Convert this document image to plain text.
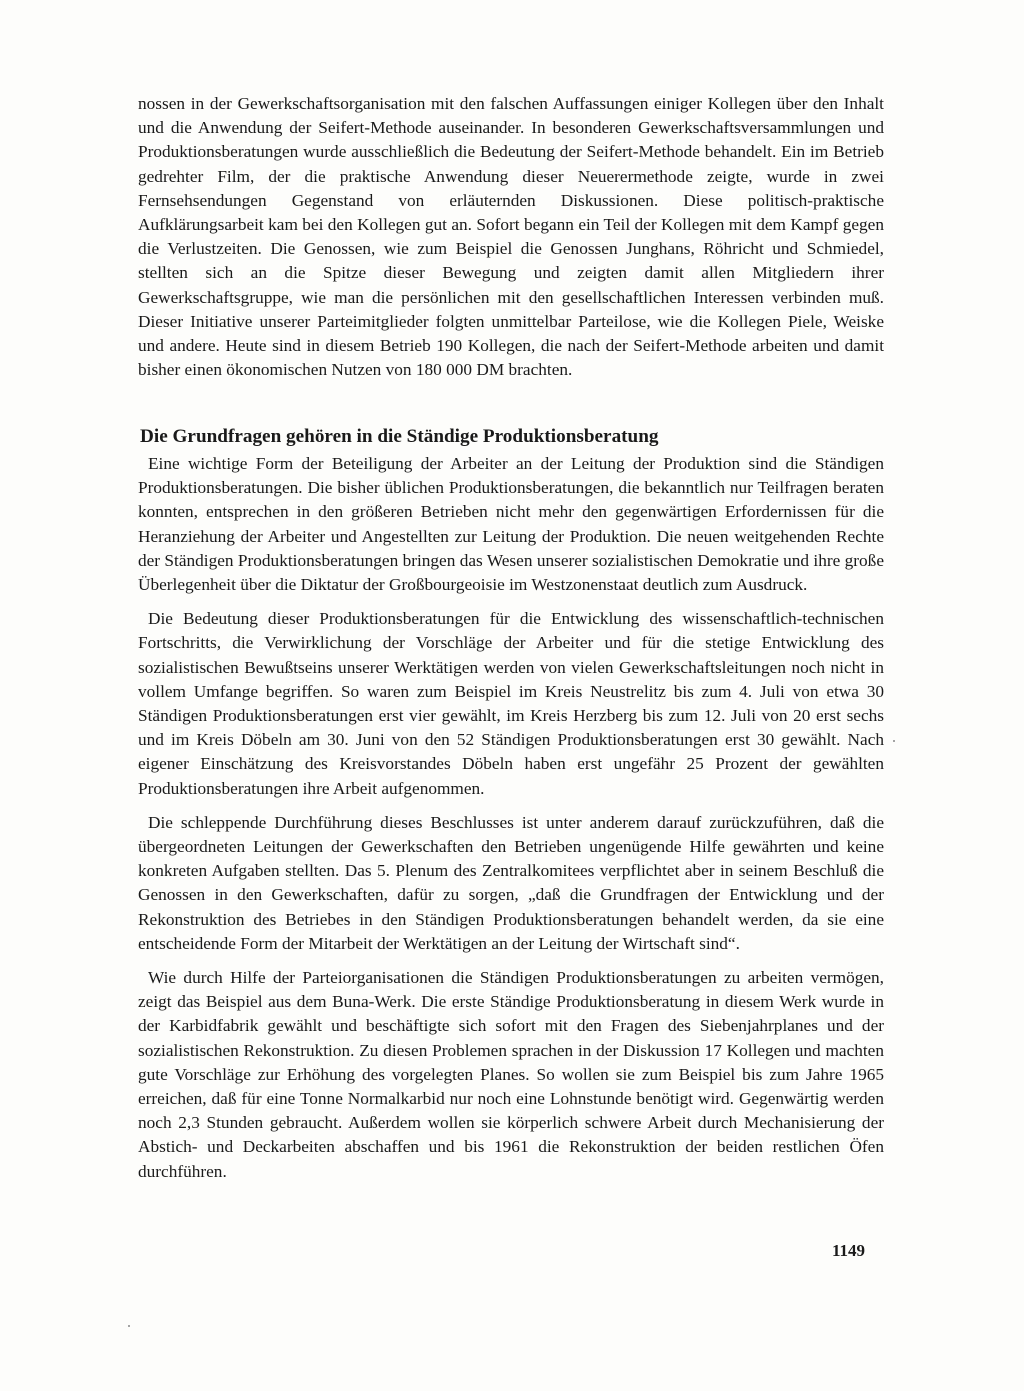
nossen in der Gewerkschaftsorganisation mit den falschen Auffassungen einiger Kollegen über den Inhalt und die Anwendung der Seifert-Methode auseinander. In besonderen Gewerkschaftsversammlungen und Produktionsberatungen wurde ausschließlich die Bedeutung der Seifert-Methode behandelt. Ein im Betrieb gedrehter Film, der die praktische Anwendung dieser Neuerermethode zeigte, wurde in zwei Fernsehsendungen Gegenstand von erläuternden Diskussionen. Diese politisch-praktische Aufklärungsarbeit kam bei den Kollegen gut an. Sofort begann ein Teil der Kollegen mit dem Kampf gegen die Verlustzeiten. Die Genossen, wie zum Beispiel die Genossen Junghans, Röhricht und Schmiedel, stellten sich an die Spitze dieser Bewegung und zeigten damit allen Mitgliedern ihrer Gewerkschaftsgruppe, wie man die persönlichen mit den gesellschaftlichen Interessen verbinden muß. Dieser Initiative unserer Parteimitglieder folgten unmittelbar Parteilose, wie die Kollegen Piele, Weiske und andere. Heute sind in diesem Betrieb 190 Kollegen, die nach der Seifert-Methode arbeiten und damit bisher einen ökonomischen Nutzen von 180 000 DM brachten.

Die Grundfragen gehören in die Ständige Produktionsberatung

Eine wichtige Form der Beteiligung der Arbeiter an der Leitung der Produktion sind die Ständigen Produktionsberatungen. Die bisher üblichen Produktionsberatungen, die bekanntlich nur Teilfragen beraten konnten, entsprechen in den größeren Betrieben nicht mehr den gegenwärtigen Erfordernissen für die Heranziehung der Arbeiter und Angestellten zur Leitung der Produktion. Die neuen weitgehenden Rechte der Ständigen Produktionsberatungen bringen das Wesen unserer sozialistischen Demokratie und ihre große Überlegenheit über die Diktatur der Großbourgeoisie im Westzonenstaat deutlich zum Ausdruck.

Die Bedeutung dieser Produktionsberatungen für die Entwicklung des wissenschaftlich-technischen Fortschritts, die Verwirklichung der Vorschläge der Arbeiter und für die stetige Entwicklung des sozialistischen Bewußtseins unserer Werktätigen werden von vielen Gewerkschaftsleitungen noch nicht in vollem Umfange begriffen. So waren zum Beispiel im Kreis Neustrelitz bis zum 4. Juli von etwa 30 Ständigen Produktionsberatungen erst vier gewählt, im Kreis Herzberg bis zum 12. Juli von 20 erst sechs und im Kreis Döbeln am 30. Juni von den 52 Ständigen Produktionsberatungen erst 30 gewählt. Nach eigener Einschätzung des Kreisvorstandes Döbeln haben erst ungefähr 25 Prozent der gewählten Produktionsberatungen ihre Arbeit aufgenommen.

Die schleppende Durchführung dieses Beschlusses ist unter anderem darauf zurückzuführen, daß die übergeordneten Leitungen der Gewerkschaften den Betrieben ungenügende Hilfe gewährten und keine konkreten Aufgaben stellten. Das 5. Plenum des Zentralkomitees verpflichtet aber in seinem Beschluß die Genossen in den Gewerkschaften, dafür zu sorgen, „daß die Grundfragen der Entwicklung und der Rekonstruktion des Betriebes in den Ständigen Produktionsberatungen behandelt werden, da sie eine entscheidende Form der Mitarbeit der Werktätigen an der Leitung der Wirtschaft sind“.

Wie durch Hilfe der Parteiorganisationen die Ständigen Produktionsberatungen zu arbeiten vermögen, zeigt das Beispiel aus dem Buna-Werk. Die erste Ständige Produktionsberatung in diesem Werk wurde in der Karbidfabrik gewählt und beschäftigte sich sofort mit den Fragen des Siebenjahrplanes und der sozialistischen Rekonstruktion. Zu diesen Problemen sprachen in der Diskussion 17 Kollegen und machten gute Vorschläge zur Erhöhung des vorgelegten Planes. So wollen sie zum Beispiel bis zum Jahre 1965 erreichen, daß für eine Tonne Normalkarbid nur noch eine Lohnstunde benötigt wird. Gegenwärtig werden noch 2,3 Stunden gebraucht. Außerdem wollen sie körperlich schwere Arbeit durch Mechanisierung der Abstich- und Deckarbeiten abschaffen und bis 1961 die Rekonstruktion der beiden restlichen Öfen durchführen.

1149
